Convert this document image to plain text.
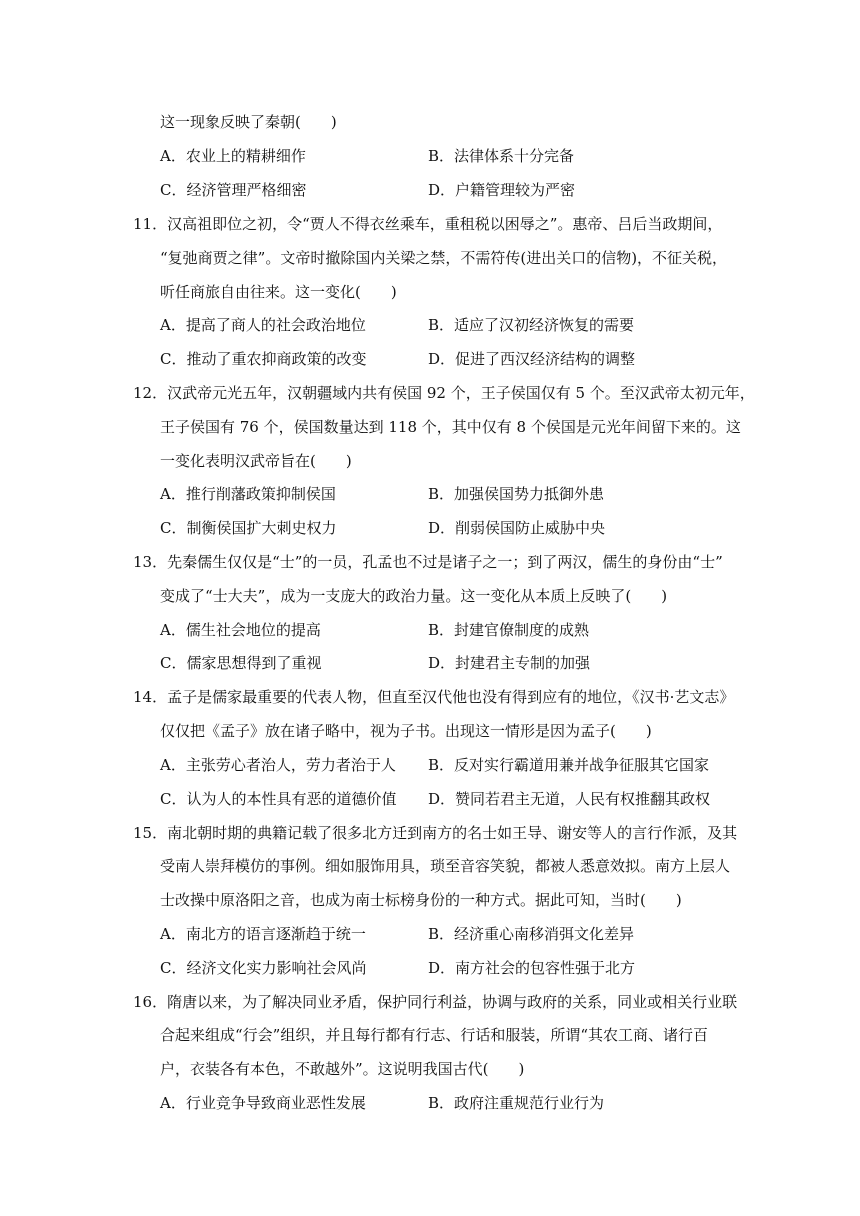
这一现象反映了秦朝(　　)
A．农业上的精耕细作	B．法律体系十分完备
C．经济管理严格细密	D．户籍管理较为严密
11．汉高祖即位之初，令“贾人不得衣丝乘车，重租税以困辱之”。惠帝、吕后当政期间，
“复弛商贾之律”。文帝时撤除国内关梁之禁，不需符传(进出关口的信物)，不征关税，
听任商旅自由往来。这一变化(　　)
A．提高了商人的社会政治地位	B．适应了汉初经济恢复的需要
C．推动了重农抑商政策的改变	D．促进了西汉经济结构的调整
12．汉武帝元光五年，汉朝疆域内共有侯国 92 个，王子侯国仅有 5 个。至汉武帝太初元年，
王子侯国有 76 个，侯国数量达到 118 个，其中仅有 8 个侯国是元光年间留下来的。这
一变化表明汉武帝旨在(　　)
A．推行削藩政策抑制侯国	B．加强侯国势力抵御外患
C．制衡侯国扩大刺史权力	D．削弱侯国防止威胁中央
13．先秦儒生仅仅是“士”的一员，孔孟也不过是诸子之一；到了两汉，儒生的身份由“士”
变成了“士大夫”，成为一支庞大的政治力量。这一变化从本质上反映了(　　)
A．儒生社会地位的提高	B．封建官僚制度的成熟
C．儒家思想得到了重视	D．封建君主专制的加强
14．孟子是儒家最重要的代表人物，但直至汉代他也没有得到应有的地位，《汉书·艺文志》
仅仅把《孟子》放在诸子略中，视为子书。出现这一情形是因为孟子(　　)
A．主张劳心者治人，劳力者治于人 B．反对实行霸道用兼并战争征服其它国家
C．认为人的本性具有恶的道德价值 D．赞同若君主无道，人民有权推翻其政权
15．南北朝时期的典籍记载了很多北方迁到南方的名士如王导、谢安等人的言行作派，及其
受南人崇拜模仿的事例。细如服饰用具，琐至音容笑貌，都被人悉意效拟。南方上层人
士改操中原洛阳之音，也成为南士标榜身份的一种方式。据此可知，当时(　　)
A．南北方的语言逐渐趋于统一	B．经济重心南移消弭文化差异
C．经济文化实力影响社会风尚	D．南方社会的包容性强于北方
16．隋唐以来，为了解决同业矛盾，保护同行利益，协调与政府的关系，同业或相关行业联
合起来组成“行会”组织，并且每行都有行志、行话和服装，所谓“其农工商、诸行百
户，衣装各有本色，不敢越外”。这说明我国古代(　　)
A．行业竞争导致商业恶性发展	B．政府注重规范行业行为
